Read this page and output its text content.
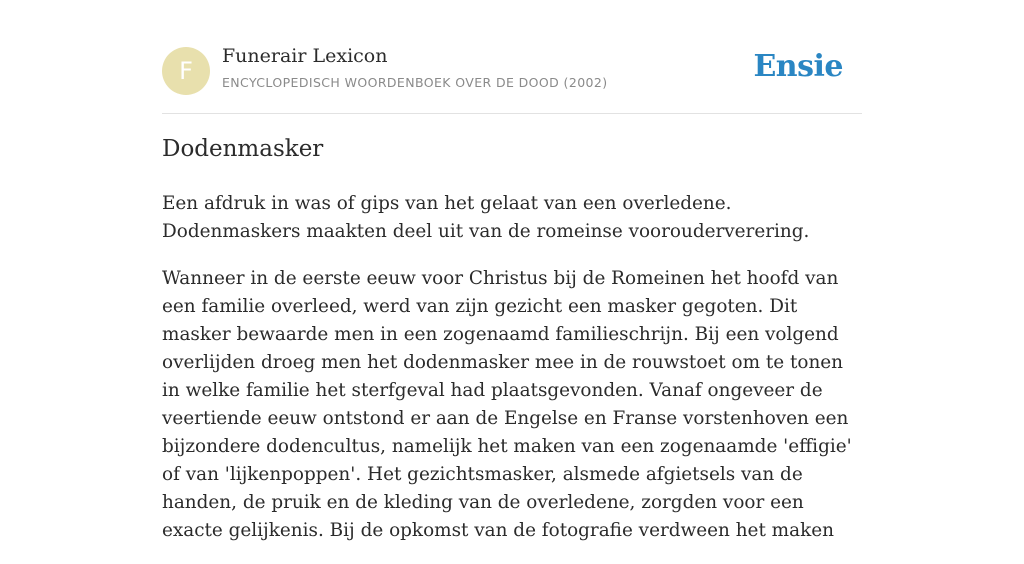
F
Funerair Lexicon
ENCYCLOPEDISCH WOORDENBOEK OVER DE DOOD (2002)	Ensie
Dodenmasker

Een afdruk in was of gips van het gelaat van een overledene. Dodenmaskers maakten deel uit van de romeinse voorouderverering.

Wanneer in de eerste eeuw voor Christus bij de Romeinen het hoofd van een familie overleed, werd van zijn gezicht een masker gegoten. Dit masker bewaarde men in een zogenaamd familieschrijn. Bij een volgend overlijden droeg men het dodenmasker mee in de rouwstoet om te tonen in welke familie het sterfgeval had plaatsgevonden. Vanaf ongeveer de veertiende eeuw ontstond er aan de Engelse en Franse vorstenhoven een bijzondere dodencultus, namelijk het maken van een zogenaamde 'effigie' of van 'lijkenpoppen'. Het gezichtsmasker, alsmede afgietsels van de handen, de pruik en de kleding van de overledene, zorgden voor een exacte gelijkenis. Bij de opkomst van de fotografie verdween het maken
